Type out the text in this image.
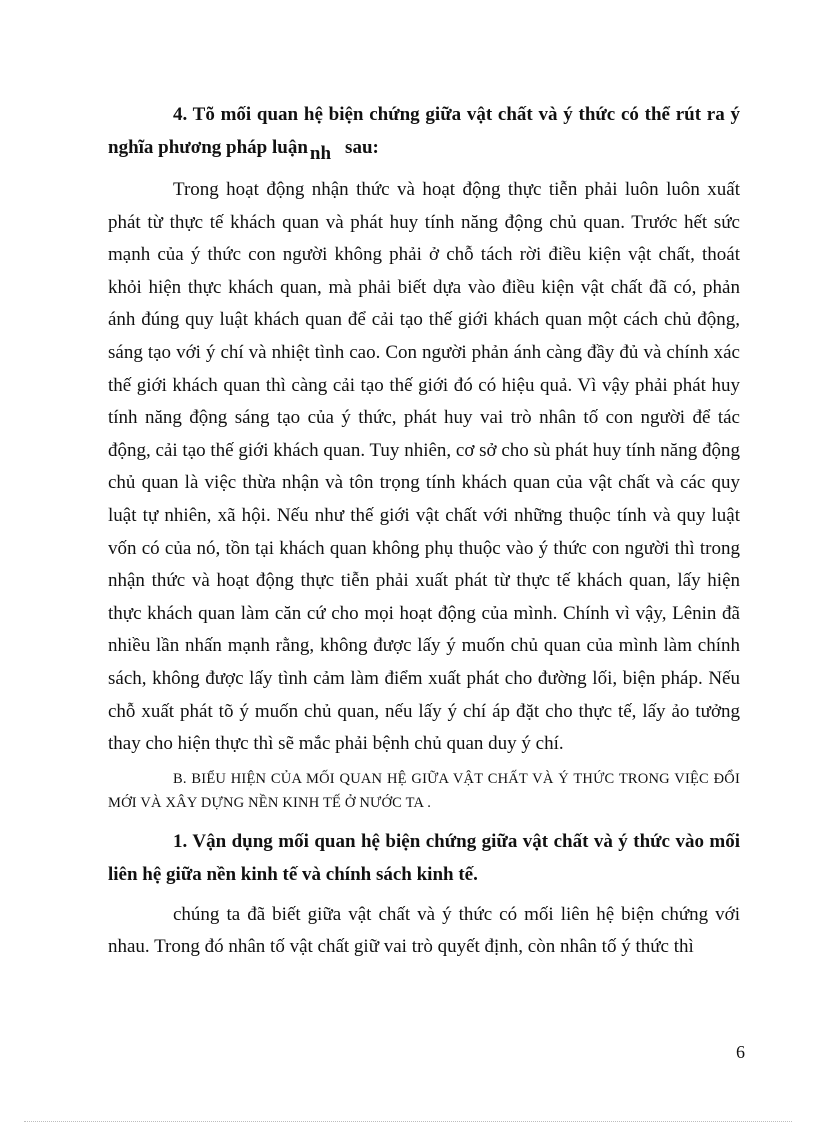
4. Tõ mối quan hệ biện chứng giữa vật chất và ý thức có thể rút ra ý nghĩa phương pháp luận nh sau:

Trong hoạt động nhận thức và hoạt động thực tiễn phải luôn luôn xuất phát từ thực tế khách quan và phát huy tính năng động chủ quan. Trước hết sức mạnh của ý thức con người không phải ở chỗ tách rời điều kiện vật chất, thoát khỏi hiện thực khách quan, mà phải biết dựa vào điều kiện vật chất đã có, phản ánh đúng quy luật khách quan để cải tạo thế giới khách quan một cách chủ động, sáng tạo với ý chí và nhiệt tình cao. Con người phản ánh càng đầy đủ và chính xác thế giới khách quan thì càng cải tạo thế giới đó có hiệu quả. Vì vậy phải phát huy tính năng động sáng tạo của ý thức, phát huy vai trò nhân tố con người để tác động, cải tạo thế giới khách quan. Tuy nhiên, cơ sở cho sù phát huy tính năng động chủ quan là việc thừa nhận và tôn trọng tính khách quan của vật chất và các quy luật tự nhiên, xã hội. Nếu như thế giới vật chất với những thuộc tính và quy luật vốn có của nó, tồn tại khách quan không phụ thuộc vào ý thức con người thì trong nhận thức và hoạt động thực tiễn phải xuất phát từ thực tế khách quan, lấy hiện thực khách quan làm căn cứ cho mọi hoạt động của mình. Chính vì vậy, Lênin đã nhiều lần nhấn mạnh rằng, không được lấy ý muốn chủ quan của mình làm chính sách, không được lấy tình cảm làm điểm xuất phát cho đường lối, biện pháp. Nếu chỗ xuất phát tõ ý muốn chủ quan, nếu lấy ý chí áp đặt cho thực tế, lấy ảo tưởng thay cho hiện thực thì sẽ mắc phải bệnh chủ quan duy ý chí.

B. BIỂU HIỆN CỦA MỐI QUAN HỆ GIỮA VẬT CHẤT VÀ Ý THỨC TRONG VIỆC ĐỔI MỚI VÀ XÂY DỰNG NỀN KINH TẾ Ở NƯỚC TA .

1. Vận dụng mối quan hệ biện chứng giữa vật chất và ý thức vào mối liên hệ giữa nền kinh tế và chính sách kinh tế.

chúng ta đã biết giữa vật chất và ý thức có mối liên hệ biện chứng với nhau. Trong đó nhân tố vật chất giữ vai trò quyết định, còn nhân tố ý thức thì

6
